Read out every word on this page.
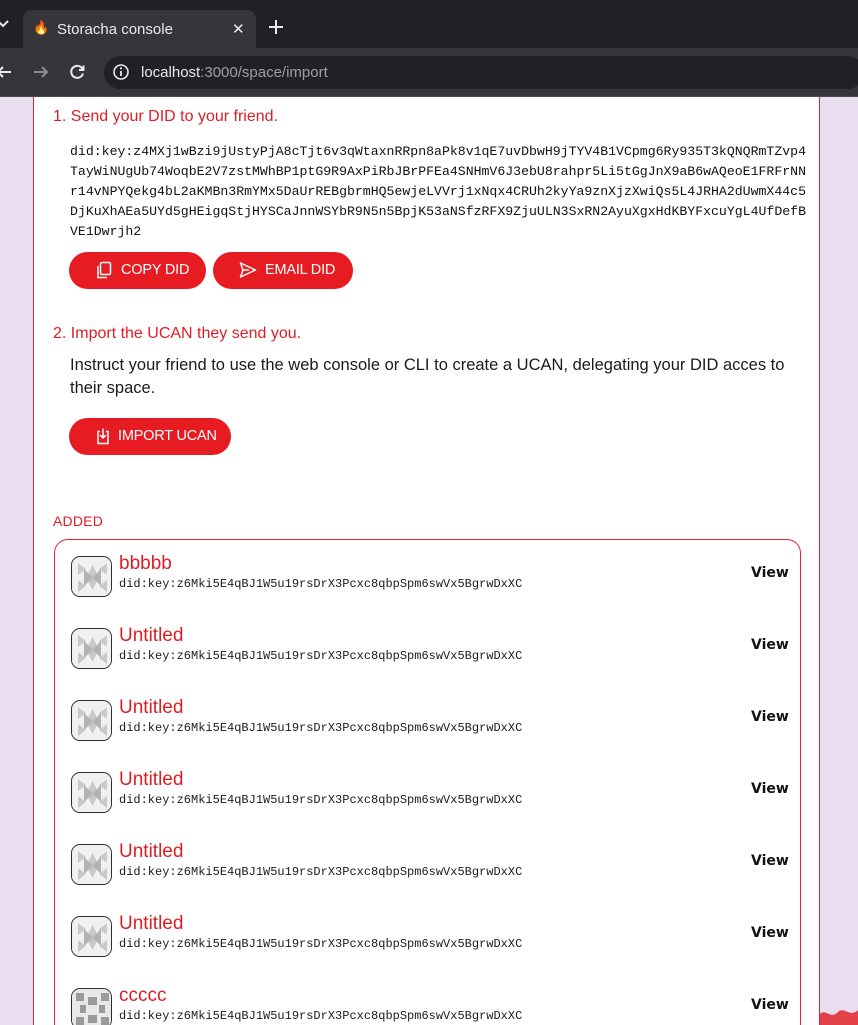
🔥 Storacha console	✕
localhost:3000/space/import
1. Send your DID to your friend.
did:key:z4MXj1wBzi9jUstyPjA8cTjt6v3qWtaxnRRpn8aPk8v1qE7uvDbwH9jTYV4B1VCpmg6Ry935T3kQNQRmTZvp4TayWiNUgUb74WoqbE2V7zstMWhBP1ptG9R9AxPiRbJBrPFEa4SNHmV6J3ebU8rahpr5Li5tGgJnX9aB6wAQeoE1FRFrNNr14vNPYQekg4bL2aKMBn3RmYMx5DaUrREBgbrmHQ5ewjeLVVrj1xNqx4CRUh2kyYa9znXjzXwiQs5L4JRHA2dUwmX44c5DjKuXhAEa5UYd5gHEigqStjHYSCaJnnWSYbR9N5n5BpjK53aNSfzRFX9ZjuULN3SxRN2AyuXgxHdKBYFxcuYgL4UfDefBVE1Dwrjh2
COPY DID	EMAIL DID
2. Import the UCAN they send you.
Instruct your friend to use the web console or CLI to create a UCAN, delegating your DID acces to their space.
IMPORT UCAN
ADDED
bbbbb
did:key:z6Mki5E4qBJ1W5u19rsDrX3Pcxc8qbpSpm6swVx5BgrwDxXC
View
Untitled
did:key:z6Mki5E4qBJ1W5u19rsDrX3Pcxc8qbpSpm6swVx5BgrwDxXC
View
Untitled
did:key:z6Mki5E4qBJ1W5u19rsDrX3Pcxc8qbpSpm6swVx5BgrwDxXC
View
Untitled
did:key:z6Mki5E4qBJ1W5u19rsDrX3Pcxc8qbpSpm6swVx5BgrwDxXC
View
Untitled
did:key:z6Mki5E4qBJ1W5u19rsDrX3Pcxc8qbpSpm6swVx5BgrwDxXC
View
Untitled
did:key:z6Mki5E4qBJ1W5u19rsDrX3Pcxc8qbpSpm6swVx5BgrwDxXC
View
ccccc
did:key:z6Mki5E4qBJ1W5u19rsDrX3Pcxc8qbpSpm6swVx5BgrwDxXC
View
